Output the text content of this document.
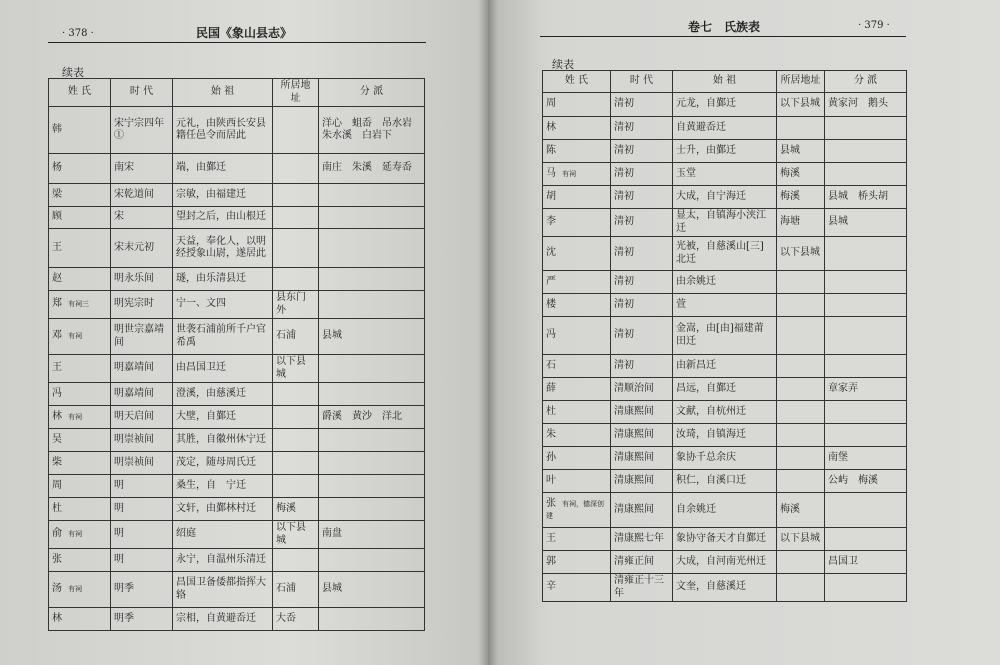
· 378 ·	民国《象山县志》
续表
姓 氏	时 代	始 祖	所居地址	分 派
韩	宋宁宗四年①	元礼，由陕西长安县籍任邑令而居此		洋心　蛆岙　吊水岩　朱水溪　白岩下
杨	南宋	端，由鄞迁		南庄　朱溪　延寿岙
梁	宋乾道间	宗敏，由福建迁		
顾	宋	望封之后，由山根迁		
王	宋末元初	天益，奉化人，以明经授象山尉，遂居此		
赵	明永乐间	璲，由乐清县迁		
郑 有祠三	明宪宗时	宁一、文四	县东门外	
邓 有祠	明世宗嘉靖间	世袭石浦前所千户官希禹	石浦	县城
王	明嘉靖间	由昌国卫迁	以下县城	
冯	明嘉靖间	澄溪，由慈溪迁		
林 有祠	明天启间	大壁，自鄞迁		爵溪　黄沙　洋北
吴	明崇祯间	其胜，自徽州休宁迁		
柴	明崇祯间	茂定，随母周氏迁		
周	明	桑生，自　宁迁		
杜	明	文轩，由鄞林村迁	梅溪	
俞 有祠	明	绍庭	以下县城	南盘
张	明	永宁，自温州乐清迁		
汤 有祠	明季	昌国卫备倭都指挥大辂	石浦	县城
林	明季	宗相，自黄避岙迁	大岙	
卷七　氏族表	· 379 ·
续表
姓 氏	时 代	始 祖	所居地址	分 派
周	清初	元龙，自鄞迁	以下县城	黄家河　鹅头
林	清初	自黄避岙迁		
陈	清初	士升，由鄞迁	县城	
马 有祠	清初	玉堂	梅溪	
胡	清初	大成，自宁海迁	梅溪	县城　桥头胡
李	清初	显太，自镇海小浃江迁	海塘	县城
沈	清初	光被，自慈溪山[三]北迁	以下县城	
严	清初	由余姚迁		
楼	清初	萱		
冯	清初	金嵩，由[由]福建莆田迁		
石	清初	由新昌迁		
薛	清顺治间	昌远，自鄞迁		章家弄
杜	清康熙间	文献，自杭州迁		
朱	清康熙间	汝琦，自镇海迁		
孙	清康熙间	象协千总余庆		南堡
叶	清康熙间	积仁，自溪口迁		公屿　梅溪
张 有祠，德深创建	清康熙间	自余姚迁	梅溪	
王	清康熙七年	象协守备天才自鄞迁	以下县城	
郭	清雍正间	大成，自河南光州迁		昌国卫
辛	清雍正十三年	文奎，自慈溪迁		
